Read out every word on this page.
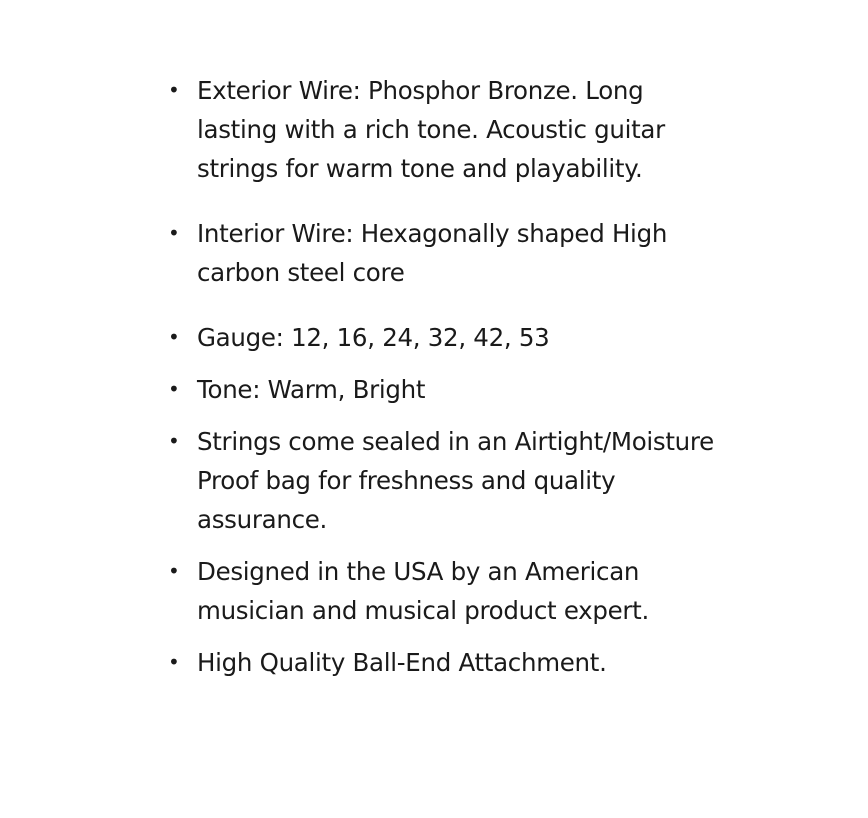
• Exterior Wire: Phosphor Bronze. Long lasting with a rich tone. Acoustic guitar strings for warm tone and playability.
• Interior Wire: Hexagonally shaped High carbon steel core
• Gauge: 12, 16, 24, 32, 42, 53
• Tone: Warm, Bright
• Strings come sealed in an Airtight/Moisture Proof bag for freshness and quality assurance.
• Designed in the USA by an American musician and musical product expert.
• High Quality Ball-End Attachment.
